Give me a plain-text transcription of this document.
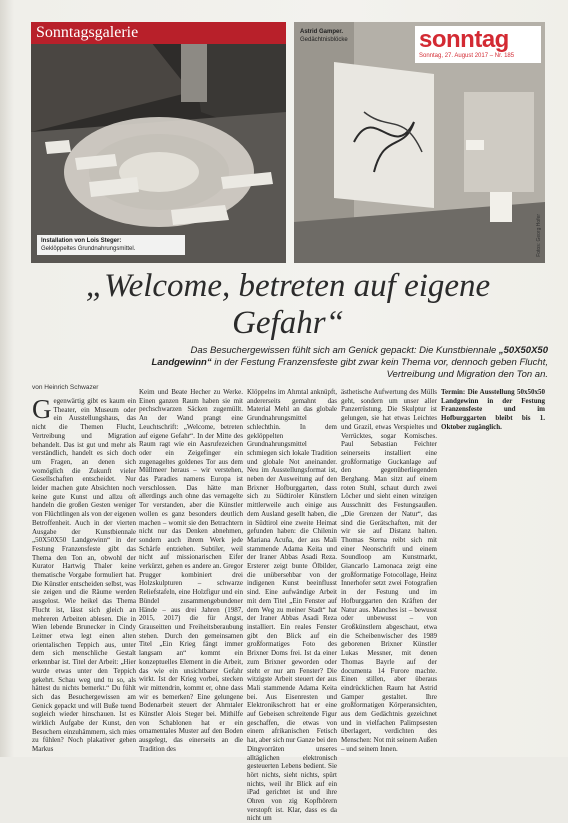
Sonntagsgalerie
Installation von Lois Steger:
Geklöppeltes Grundnahrungsmittel.
Astrid Gamper.
Gedächtnisblöcke	sonntag
Sonntag, 27. August 2017 – Nr. 185
Fotos: Georg Hofer
„Welcome, betreten auf eigene Gefahr“
Das Besuchergewissen fühlt sich am Genick gepackt: Die Kunstbiennale „50X50X50 Landgewinn“ in der Festung Franzensfeste gibt zwar kein Thema vor, dennoch geben Flucht, Vertreibung und Migration den Ton an.
von Heinrich Schwazer
G egenwärtig gibt es kaum ein Theater, ein Museum oder ein Ausstellungshaus, das nicht die Themen Flucht, Vertreibung und Migration behandelt. Das ist gut und mehr als verständlich, handelt es sich doch um Fragen, an denen sich womöglich die Zukunft vieler Gesellschaften entscheidet. Nur leider machen gute Absichten noch keine gute Kunst und allzu oft handeln die großen Gesten weniger von Flüchtlingen als von der eigenen Betroffenheit. Auch in der vierten Ausgabe der Kunstbiennale „50X50X50 Landgewinn“ in der Festung Franzensfeste gibt das Thema den Ton an, obwohl der Kurator Hartwig Thaler keine thematische Vorgabe formuliert hat. Die Künstler entscheiden selbst, was sie zeigen und die Räume werden ausgelost. Wie heikel das Thema Flucht ist, lässt sich gleich an mehreren Arbeiten ablesen. Die in Wien lebende Brunecker in Cindy Leitner etwa legt einen alten orientalischen Teppich aus, unter dem sich menschliche Gestalt erkennbar ist. Titel der Arbeit: „Hier wurde etwas unter den Teppich gekehrt. Schau weg und tu so, als hättest du nichts bemerkt.“ Du fühlt sich das Besuchergewissen am Genick gepackt und will Buße tuend sogleich wieder hinschauen. Ist es wirklich Aufgabe der Kunst, den Besuchern einzuhämmern, sich mies zu fühlen? Noch plakativer gehen Markus

Keim und Beate Hecher zu Werke. Einen ganzen Raum haben sie mit pechschwarzen Säcken zugemüllt. An der Wand prangt eine Leuchtschrift: „Welcome, betreten auf eigene Gefahr“. In der Mitte des Raum ragt wie ein Aasrufezeichen oder ein Zeigefinger ein zugenageltes goldenes Tor aus dem Müllmeer heraus – wir verstehen, das Paradies namens Europa ist verschlossen. Das hätte man allerdings auch ohne das vernagelte Tor verstanden, aber die Künstler wollen es ganz besonders deutlich machen – womit sie den Betrachtern nicht nur das Denken abnehmen, sondern auch ihrem Werk jede Schärfe entziehen. Subtiler, weil nicht auf missionarischen Eifer verkürzt, gehen es andere an. Gregor Prugger kombiniert drei Holzskulpturen – schwarze Reliefstafeln, eine Holzfigur und ein Bündel zusammengebundener Hände – aus drei Jahren (1987, 2015, 2017) die für Angst, Grauseitten und Freiheitsberaubung stehen. Durch den gemeinsamen Titel „Ein Krieg fängt immer langsam an“ kommt ein konzeptuelles Element in die Arbeit, das wie ein unsichtbarer Gefahr wirkt. Ist der Krieg vorbei, stecken wir mittendrin, kommt er, ohne dass wir es bemerken? Eine gelungene Bodenarbeit steuert der Ahrntaler Künstler Alois Steger bei. Mithilfe von Schablonen hat er ein ornamentales Muster auf den Boden ausgelegt, das einerseits an die Tradition des

Klöppelns im Ahrntal anknüpft, andererseits gemahnt das Material Mehl an das globale Grundnahrungsmittel schlechthin. In dem geklöppelten Grundnahrungsmittel schmiegen sich lokale Tradition und globale Not aneinander. Neu im Ausstellungsformat ist, neben der Ausweitung auf den Brixner Hofburggarten, dass sich zu Südtiroler Künstlern mittlerweile auch einige aus dem Ausland gesellt haben, die in Südtirol eine zweite Heimat gefunden haben: die Chilenin Mariana Acuña, der aus Mali stammende Adama Keita und der Iraner Abbas Asadi Reza. Ersterer zeigt bunte Ölbilder, die unübersehbar von der indigenen Kunst beeinflusst sind. Eine aufwändige Arbeit mit dem Titel „Ein Fenster auf dem Weg zu meiner Stadt“ hat der Iraner Abbas Asadi Reza installiert. Ein reales Fenster gibt den Blick auf ein großformatiges Foto des Brixner Doms frei. Ist da einer zum Brixner geworden oder steht er nur am Fenster? Die witzigste Arbeit steuert der aus Mali stammende Adama Keita bei. Aus Eisenresten und Elektronikschrott hat er eine auf Gebeisen schreitende Figur geschaffen, die etwas von einem afrikanischen Fetisch hat, aber sich nur Ganze bei den Dingvorräten unseres alltäglichen elektronisch gesteuerten Lebens bedient. Sie hört nichts, sieht nichts, spürt nichts, weil ihr Blick auf ein iPad gerichtet ist und ihre Ohren von zig Kopfhörern verstopft ist. Klar, dass es da nicht um

ästhetische Aufwertung des Mülls geht, sondern um unser aller Panzerrüstung. Die Skulptur ist gelungen, sie hat etwas Leichtes und Grazil, etwas Verspieltes und Verrücktes, sogar Komisches. Paul Sebastian Feichter seinerseits installiert eine großformatige Guckanlage auf den gegenüberliegenden Berghang. Man sitzt auf einem roten Stuhl, schaut durch zwei Löcher und sieht einen winzigen Ausschnitt des Festungsaußen. „Die Grenzen der Natur“, das sind die Gerätschaften, mit der wir sie auf Distanz halten. Thomas Sterna reibt sich mit einer Neonschrift und einem Soundloop am Kunstmarkt, Giancarlo Lamonaca zeigt eine großformatige Fotocollage, Heinz Innerhofer setzt zwei Fotografien in der Festung und im Hofburggarten den Kräften der Natur aus. Manches ist – bewusst oder unbewusst – von Großkünstlern abgeschaut, etwa die Scheibenwischer des 1989 geborenen Brixner Künstler Lukas Messner, mit denen Thomas Bayrle auf der documenta 14 Furore machte. Einen stillen, aber überaus eindrücklichen Raum hat Astrid Gamper gestaltet. Ihre großformatigen Körperansichten, aus dem Gedächtnis gezeichnet und in vielfachen Palimpsesten überlagert, verdichten des Menschen: Not mit seinem Außen – und seinem Innen.

Termin: Die Ausstellung 50x50x50 Landgewinn in der Festung Franzensfeste und im Hofburggarten bleibt bis 1. Oktober zugänglich.
